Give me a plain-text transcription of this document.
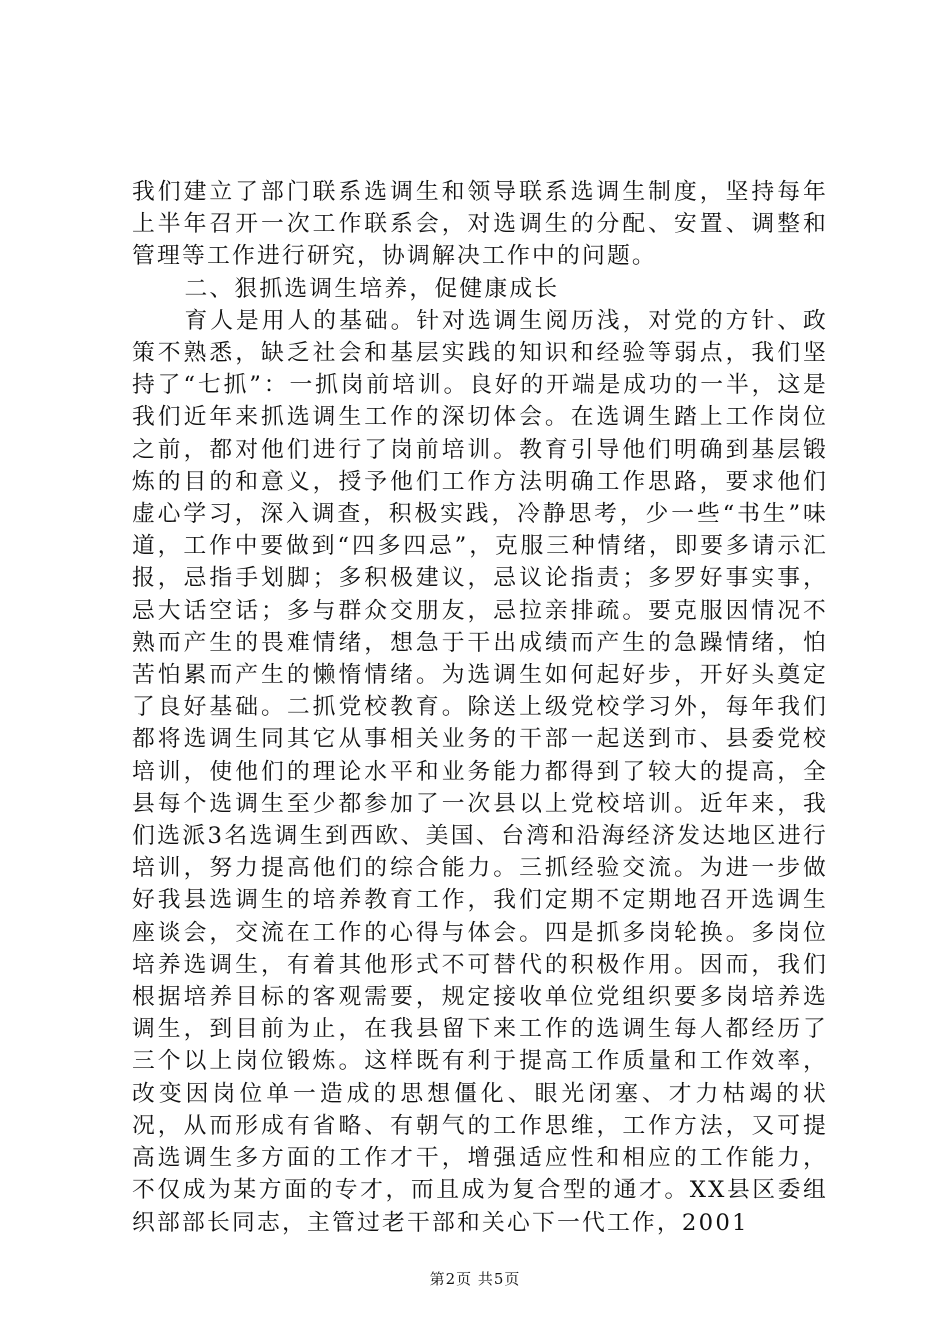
我们建立了部门联系选调生和领导联系选调生制度，坚持每年上半年召开一次工作联系会，对选调生的分配、安置、调整和管理等工作进行研究，协调解决工作中的问题。

二、狠抓选调生培养，促健康成长

育人是用人的基础。针对选调生阅历浅，对党的方针、政策不熟悉，缺乏社会和基层实践的知识和经验等弱点，我们坚持了“七抓”：一抓岗前培训。良好的开端是成功的一半，这是我们近年来抓选调生工作的深切体会。在选调生踏上工作岗位之前，都对他们进行了岗前培训。教育引导他们明确到基层锻炼的目的和意义，授予他们工作方法明确工作思路，要求他们虚心学习，深入调查，积极实践，冷静思考，少一些“书生”味道，工作中要做到“四多四忌”，克服三种情绪，即要多请示汇报，忌指手划脚；多积极建议，忌议论指责；多罗好事实事，忌大话空话；多与群众交朋友，忌拉亲排疏。要克服因情况不熟而产生的畏难情绪，想急于干出成绩而产生的急躁情绪，怕苦怕累而产生的懒惰情绪。为选调生如何起好步，开好头奠定了良好基础。二抓党校教育。除送上级党校学习外，每年我们都将选调生同其它从事相关业务的干部一起送到市、县委党校培训，使他们的理论水平和业务能力都得到了较大的提高，全县每个选调生至少都参加了一次县以上党校培训。近年来，我们选派3名选调生到西欧、美国、台湾和沿海经济发达地区进行培训，努力提高他们的综合能力。三抓经验交流。为进一步做好我县选调生的培养教育工作，我们定期不定期地召开选调生座谈会，交流在工作的心得与体会。四是抓多岗轮换。多岗位培养选调生，有着其他形式不可替代的积极作用。因而，我们根据培养目标的客观需要，规定接收单位党组织要多岗培养选调生，到目前为止，在我县留下来工作的选调生每人都经历了三个以上岗位锻炼。这样既有利于提高工作质量和工作效率，改变因岗位单一造成的思想僵化、眼光闭塞、才力枯竭的状况，从而形成有省略、有朝气的工作思维，工作方法，又可提高选调生多方面的工作才干，增强适应性和相应的工作能力，不仅成为某方面的专才，而且成为复合型的通才。XX县区委组织部部长同志，主管过老干部和关心下一代工作，2001

第2页 共5页
